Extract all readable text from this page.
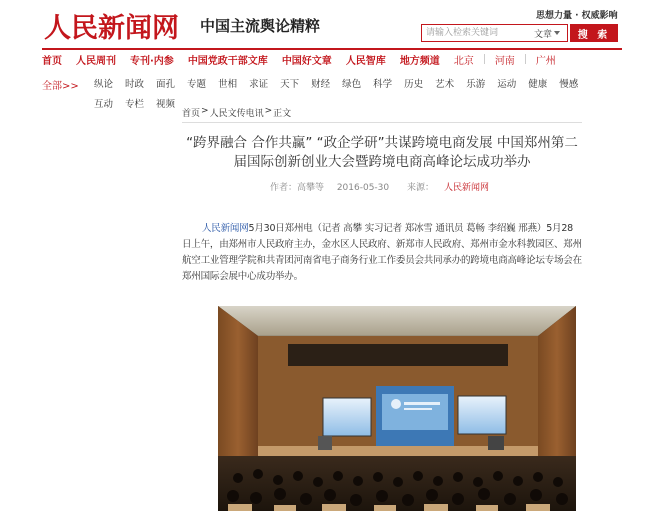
人民新闻网 中国主流舆论精粹
思想力量 · 权威影响
请输入检索关键词
文章	搜 索
首页 人民周刊 专刊·内参 中国党政干部文库 中国好文章 人民智库 地方频道 北京 河南 广州
全部>> 纵论 时政 面孔 专题 世相 求证 天下 财经 绿色 科学 历史 艺术 乐游 运动 健康 慢感
互动 专栏 视频
首页 > 人民文传电讯 > 正文
“跨界融合 合作共赢” “政企学研”共谋跨境电商发展 中国郑州第二届国际创新创业大会暨跨境电商高峰论坛成功举办
作者：高攀等 2016-05-30 来源： 人民新闻网
人民新闻网5月30日郑州电（记者 高攀 实习记者 郑冰雪 通讯员 葛畅 李绍巍 邢燕）5月28日上午，由郑州市人民政府主办，金水区人民政府、新郑市人民政府、郑州市金水科教园区、郑州航空工业管理学院和共青团河南省电子商务行业工作委员会共同承办的跨境电商高峰论坛专场会在郑州国际会展中心成功举办。
